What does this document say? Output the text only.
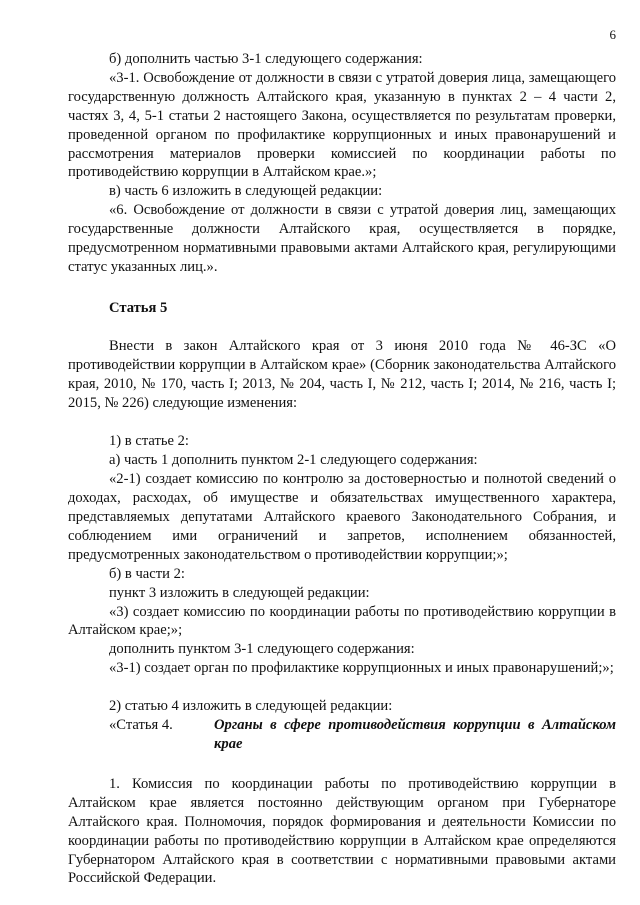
6

б) дополнить частью 3-1 следующего содержания:

«3-1. Освобождение от должности в связи с утратой доверия лица, замещающего государственную должность Алтайского края, указанную в пунктах 2 – 4 части 2, частях 3, 4, 5-1 статьи 2 настоящего Закона, осуществляется по результатам проверки, проведенной органом по профилактике коррупционных и иных правонарушений и рассмотрения материалов проверки комиссией по координации работы по противодействию коррупции в Алтайском крае.»;

в) часть 6 изложить в следующей редакции:

«6. Освобождение от должности в связи с утратой доверия лиц, замещающих государственные должности Алтайского края, осуществляется в порядке, предусмотренном нормативными правовыми актами Алтайского края, регулирующими статус указанных лиц.».

Статья 5

Внести в закон Алтайского края от 3 июня 2010 года № 46-ЗС «О противодействии коррупции в Алтайском крае» (Сборник законодательства Алтайского края, 2010, № 170, часть I; 2013, № 204, часть I, № 212, часть I; 2014, № 216, часть I; 2015, № 226) следующие изменения:

1) в статье 2:

а) часть 1 дополнить пунктом 2-1 следующего содержания:

«2-1) создает комиссию по контролю за достоверностью и полнотой сведений о доходах, расходах, об имуществе и обязательствах имущественного характера, представляемых депутатами Алтайского краевого Законодательного Собрания, и соблюдением ими ограничений и запретов, исполнением обязанностей, предусмотренных законодательством о противодействии коррупции;»;

б) в части 2:

пункт 3 изложить в следующей редакции:

«3) создает комиссию по координации работы по противодействию коррупции в Алтайском крае;»;

дополнить пунктом 3-1 следующего содержания:

«3-1) создает орган по профилактике коррупционных и иных правонарушений;»;

2) статью 4 изложить в следующей редакции:

«Статья 4.	Органы в сфере противодействия коррупции в Алтайском крае

1. Комиссия по координации работы по противодействию коррупции в Алтайском крае является постоянно действующим органом при Губернаторе Алтайского края. Полномочия, порядок формирования и деятельности Комиссии по координации работы по противодействию коррупции в Алтайском крае определяются Губернатором Алтайского края в соответствии с нормативными правовыми актами Российской Федерации.
